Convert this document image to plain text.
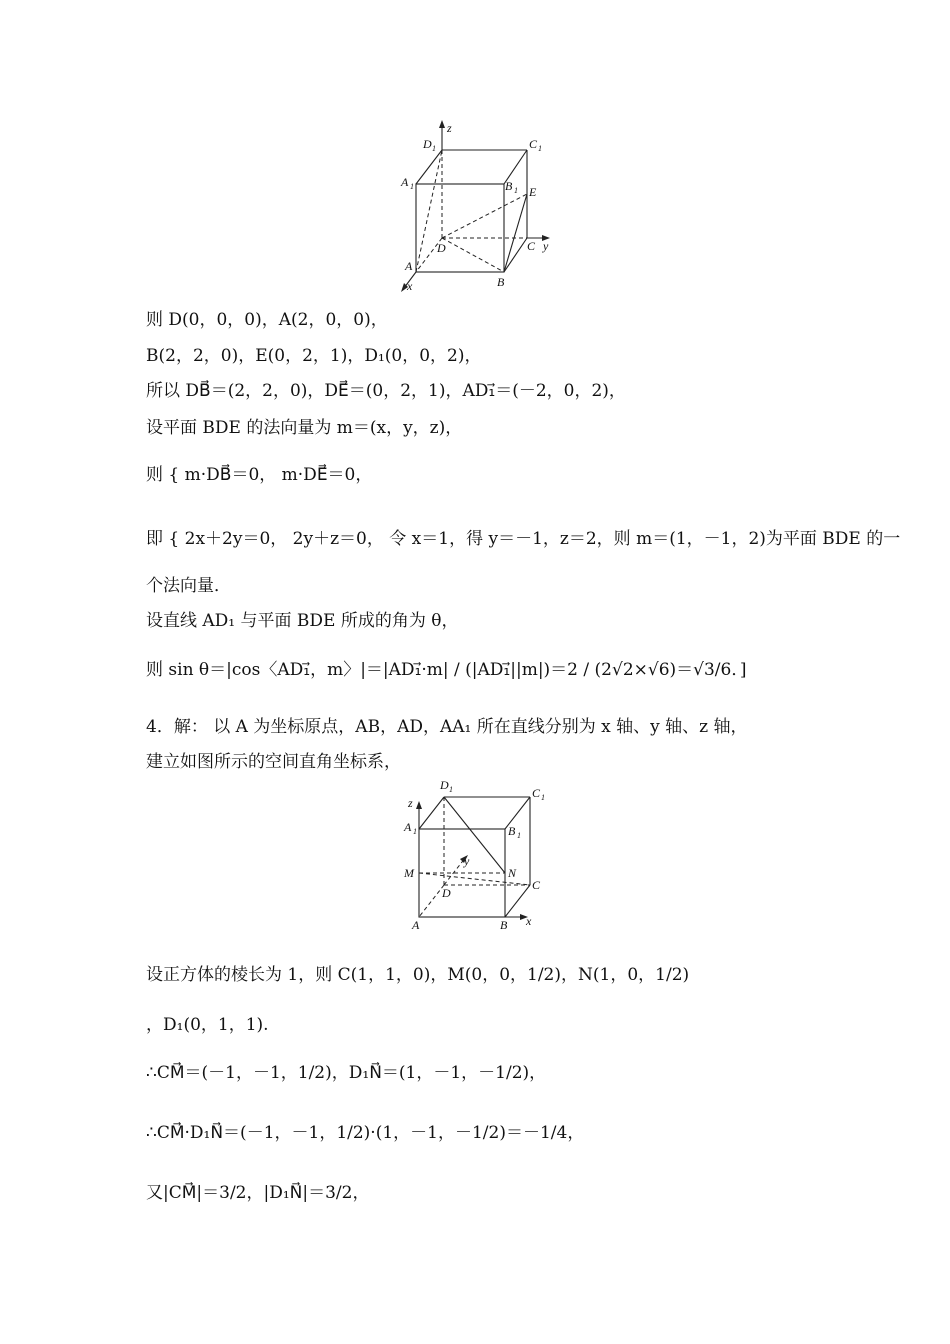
D 1
z
C 1
A 1	B 1 E
D	C y
A
B
x
则 D(0，0，0)，A(2，0，0)，
B(2，2，0)，E(0，2，1)，D₁(0，0，2)，
所以 DB⃗＝(2，2，0)，DE⃗＝(0，2，1)，AD₁⃗＝(－2，0，2)，
设平面 BDE 的法向量为 m＝(x，y，z)，
则 { m·DB⃗＝0， m·DE⃗＝0，
即 { 2x＋2y＝0， 2y＋z＝0， 令 x＝1，得 y＝－1，z＝2，则 m＝(1，－1，2)为平面 BDE 的一
个法向量．
设直线 AD₁ 与平面 BDE 所成的角为 θ，
则 sin θ＝|cos〈AD₁⃗，m〉|＝|AD₁⃗·m| / (|AD₁⃗||m|)＝2 / (2√2×√6)＝√3/6．]
4．解： 以 A 为坐标原点，AB，AD，AA₁ 所在直线分别为 x 轴、y 轴、z 轴，
建立如图所示的空间直角坐标系，
D 1	C 1
z
A 1	B 1
y
M	N
D
C
A	B x
设正方体的棱长为 1，则 C(1，1，0)，M(0，0，1/2)，N(1，0，1/2)
，D₁(0，1，1).
∴CM⃗＝(－1，－1，1/2)，D₁N⃗＝(1，－1，－1/2)，
∴CM⃗·D₁N⃗＝(－1，－1，1/2)·(1，－1，－1/2)＝－1/4，
又|CM⃗|＝3/2，|D₁N⃗|＝3/2，
